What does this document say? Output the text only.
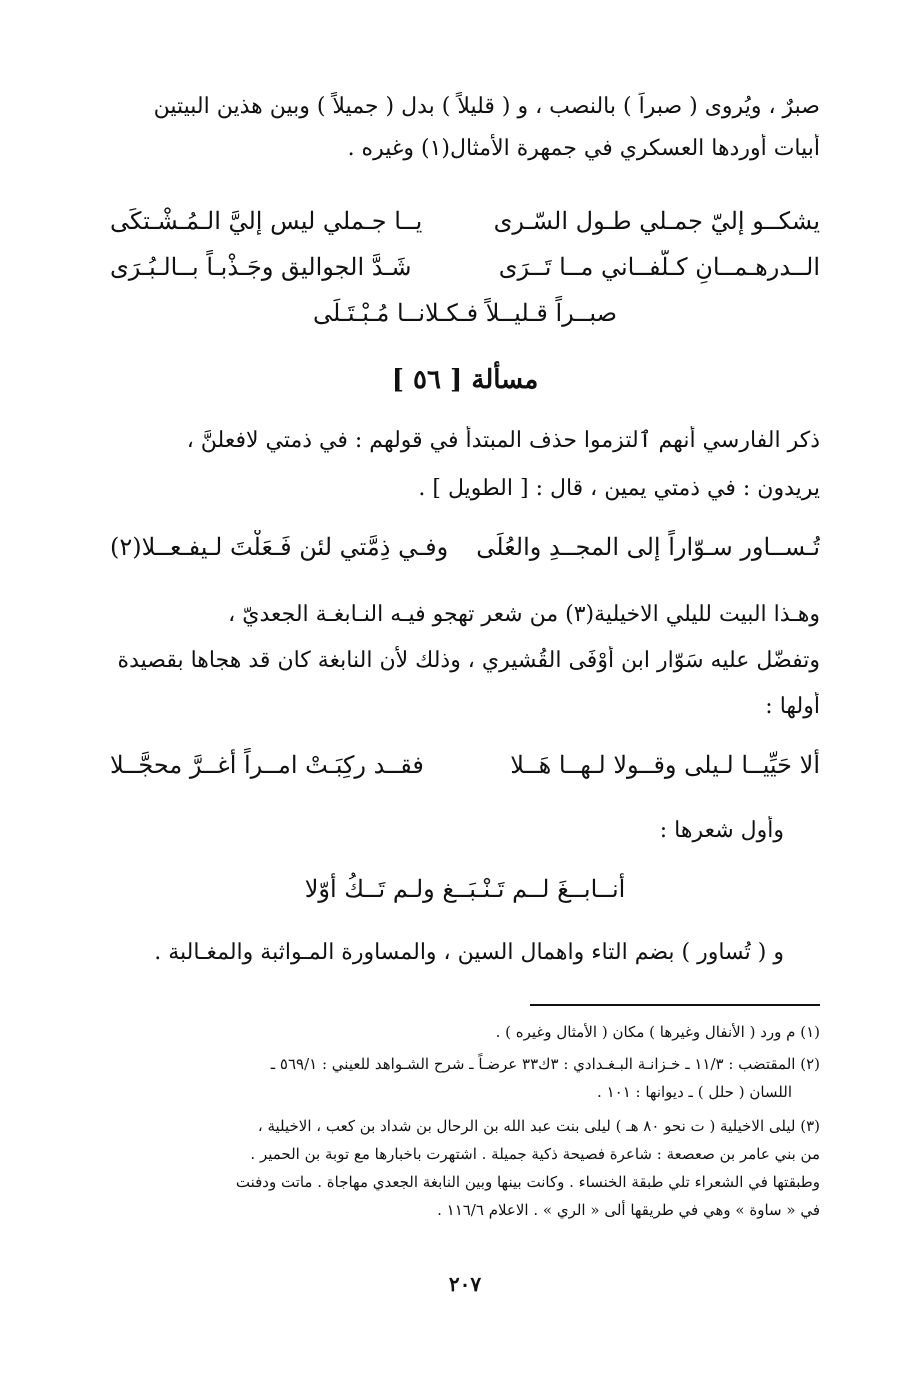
صبرٌ ، ويُروى ( صبراً ) بالنصب ، و ( قليلاً ) بدل ( جميلاً ) وبين هذين البيتين
أبيات أوردها العسكري في جمهرة الأمثال(١) وغيره .
يشكــو إليّ جمـلي طـول السّـرى
يــا جـملي ليس إليَّ الـمُـشْـتكَى
الــدرهـمــانِ كـلّفــاني مــا تَــرَى
شَـدَّ الجواليق وجَـذْبـاً بــالـبُـرَى
صبــراً قـليــلاً فـكـلانــا مُـبْـتَـلَى
مسألة [ ٥٦ ]
ذكر الفارسي أنهم ٱلتزموا حذف المبتدأ في قولهم : في ذمتي لافعلنَّ ،
يريدون : في ذمتي يمين ، قال : [ الطويل ] .
تُـســاور سـوّاراً إلى المجــدِ والعُلَى
وفـي ذِمَّتي لئن فَـعَلْتَ لـيفـعــلا(٢)
وهـذا البيت لليلي الاخيلية(٣) من شعر تهجو فيـه النـابغـة الجعديّ ،
وتفضّل عليه سَوّار ابن أوْفَى القُشيري ، وذلك لأن النابغة كان قد هجاها بقصيدة
أولها :
ألا حَيِّيــا لـيلى وقــولا لـهــا هَــلا
فقــد ركِبَـتْ امــراً أغــرَّ محجَّــلا
وأول شعرها :
أنــابــغَ لــم تَـنْـبَــغ ولـم تَــكُ أوّلا
و ( تُساور ) بضم التاء واهمال السين ، والمساورة المـواثبة والمغـالبة .
(١) م ورد ( الأنفال وغيرها ) مكان ( الأمثال وغيره ) .
(٢) المقتضب : ١١/٣ ـ خـزانـة البـغـدادي : ٣ك٣٣ عرضـاً ـ شرح الشـواهد للعيني : ٥٦٩/١ ـ
اللسان ( حلل ) ـ ديوانها : ١٠١ .
(٣) ليلى الاخيلية ( ت نحو ٨٠ هـ ) ليلى بنت عبد الله بن الرحال بن شداد بن كعب ، الاخيلية ،
من بني عامر بن صعصعة : شاعرة فصيحة ذكية جميلة . اشتهرت باخبارها مع توبة بن الحمير .
وطبقتها في الشعراء تلي طبقة الخنساء . وكانت بينها وبين النابغة الجعدي مهاجاة . ماتت ودفنت
في « ساوة » وهي في طريقها ألى « الري » . الاعلام ١١٦/٦ .
٢٠٧
